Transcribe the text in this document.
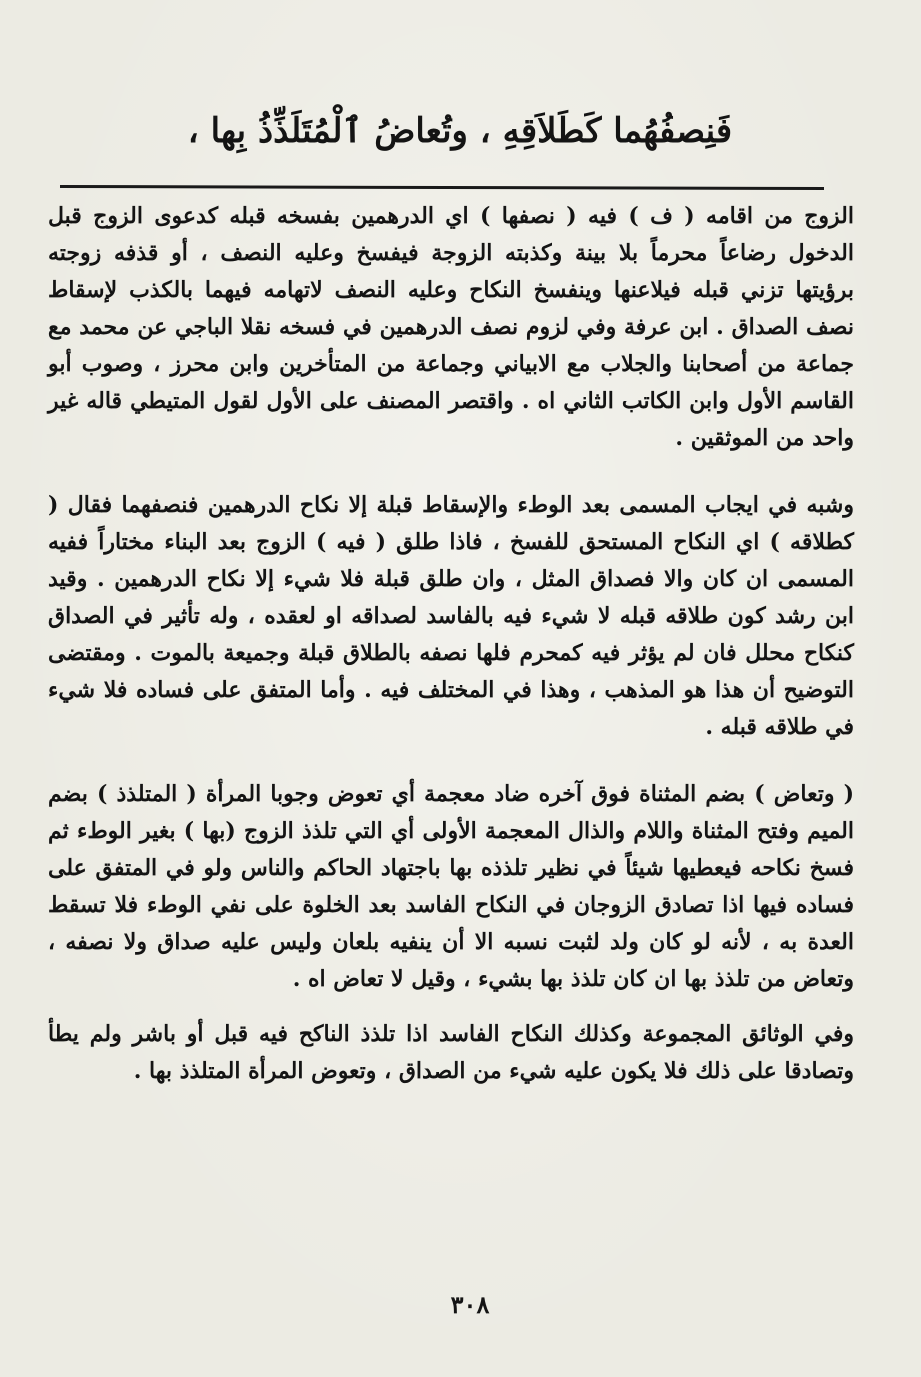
فَنِصفُهُما كَطَلاَقِهِ ، وتُعاضُ ٱلْمُتَلَذِّذُ بِها ،

الزوج من اقامه ( ف ) فيه ( نصفها ) اي الدرهمين بفسخه قبله كدعوى الزوج قبل الدخول رضاعاً محرماً بلا بينة وكذبته الزوجة فيفسخ وعليه النصف ، أو قذفه زوجته برؤيتها تزني قبله فيلاعنها وينفسخ النكاح وعليه النصف لاتهامه فيهما بالكذب لإسقاط نصف الصداق . ابن عرفة وفي لزوم نصف الدرهمين في فسخه نقلا الباجي عن محمد مع جماعة من أصحابنا والجلاب مع الابياني وجماعة من المتأخرين وابن محرز ، وصوب أبو القاسم الأول وابن الكاتب الثاني اه . واقتصر المصنف على الأول لقول المتيطي قاله غير واحد من الموثقين .

وشبه في ايجاب المسمى بعد الوطء والإسقاط قبلة إلا نكاح الدرهمين فنصفهما فقال ( كطلاقه ) اي النكاح المستحق للفسخ ، فاذا طلق ( فيه ) الزوج بعد البناء مختاراً ففيه المسمى ان كان والا فصداق المثل ، وان طلق قبلة فلا شيء إلا نكاح الدرهمين . وقيد ابن رشد كون طلاقه قبله لا شيء فيه بالفاسد لصداقه او لعقده ، وله تأثير في الصداق كنكاح محلل فان لم يؤثر فيه كمحرم فلها نصفه بالطلاق قبلة وجميعة بالموت . ومقتضى التوضيح أن هذا هو المذهب ، وهذا في المختلف فيه . وأما المتفق على فساده فلا شيء في طلاقه قبله .

( وتعاض ) بضم المثناة فوق آخره ضاد معجمة أي تعوض وجوبا المرأة ( المتلذذ ) بضم الميم وفتح المثناة واللام والذال المعجمة الأولى أي التي تلذذ الزوج (بها ) بغير الوطء ثم فسخ نكاحه فيعطيها شيئاً في نظير تلذذه بها باجتهاد الحاكم والناس ولو في المتفق على فساده فيها اذا تصادق الزوجان في النكاح الفاسد بعد الخلوة على نفي الوطء فلا تسقط العدة به ، لأنه لو كان ولد لثبت نسبه الا أن ينفيه بلعان وليس عليه صداق ولا نصفه ، وتعاض من تلذذ بها ان كان تلذذ بها بشيء ، وقيل لا تعاض اه .

وفي الوثائق المجموعة وكذلك النكاح الفاسد اذا تلذذ الناكح فيه قبل أو باشر ولم يطأ وتصادقا على ذلك فلا يكون عليه شيء من الصداق ، وتعوض المرأة المتلذذ بها .

٣٠٨
